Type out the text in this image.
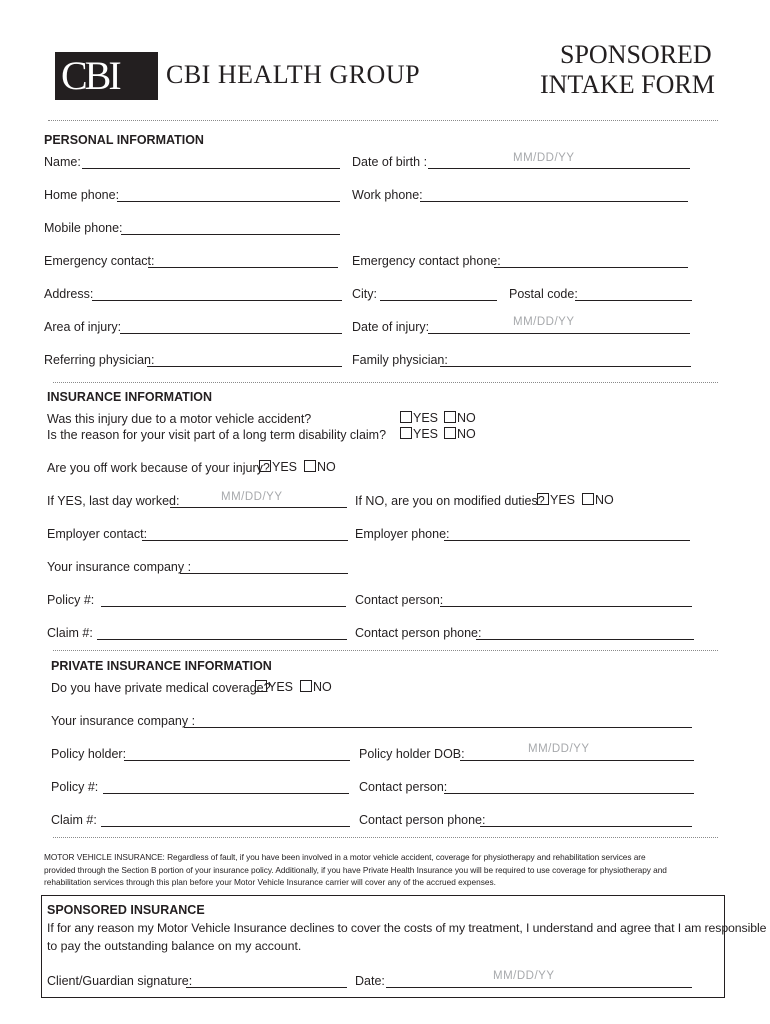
CBI CBI HEALTH GROUP
SPONSORED
INTAKE FORM
PERSONAL INFORMATION
Name:	Date of birth :	MM/DD/YY
Home phone:	Work phone:
Mobile phone:
Emergency contact:	Emergency contact phone:
Address:	City:	Postal code:
Area of injury:	Date of injury:	MM/DD/YY
Referring physician:	Family physician:
INSURANCE INFORMATION
Was this injury due to a motor vehicle accident?	YES	NO
Is the reason for your visit part of a long term disability claim?	YES	NO
Are you off work because of your injury? YES	NO
If YES, last day worked:	MM/DD/YY	If NO, are you on modified duties? YES	NO
Employer contact:	Employer phone:
Your insurance company :
Policy #:	Contact person:
Claim #:	Contact person phone:
PRIVATE INSURANCE INFORMATION
Do you have private medical coverage?
YES	NO
Your insurance company :
Policy holder:	Policy holder DOB:	MM/DD/YY
Policy #:	Contact person:
Claim #:	Contact person phone:
MOTOR VEHICLE INSURANCE: Regardless of fault, if you have been involved in a motor vehicle accident, coverage for physiotherapy and rehabilitation services are
provided through the Section B portion of your insurance policy. Additionally, if you have Private Health Insurance you will be required to use coverage for physiotherapy and
rehabilitation services through this plan before your Motor Vehicle Insurance carrier will cover any of the accrued expenses.
SPONSORED INSURANCE
If for any reason my Motor Vehicle Insurance declines to cover the costs of my treatment, I understand and agree that I am responsible
to pay the outstanding balance on my account.
Client/Guardian signature:	Date:	MM/DD/YY
